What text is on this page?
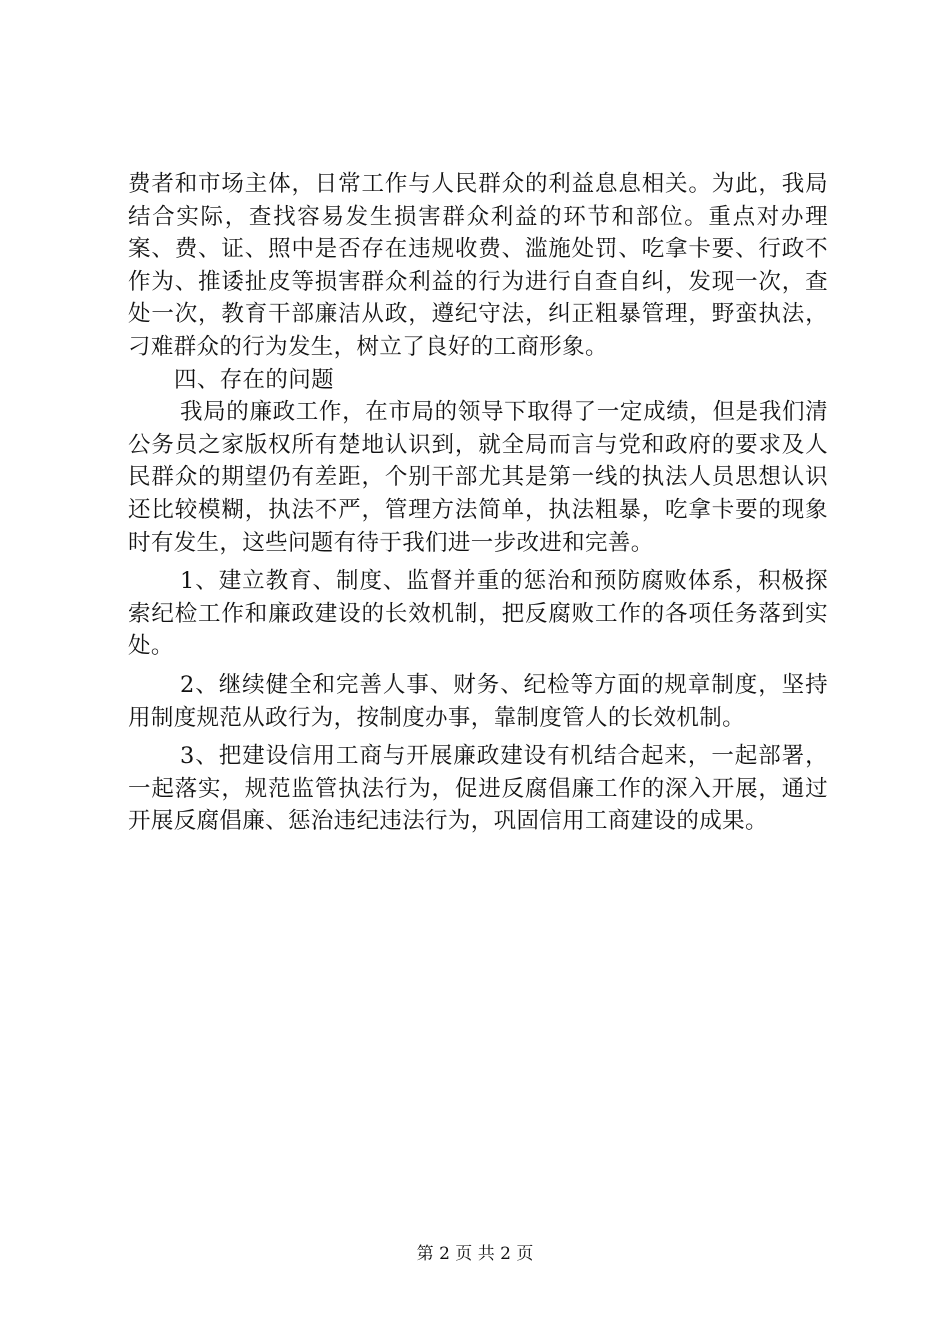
费者和市场主体，日常工作与人民群众的利益息息相关。为此，我局结合实际，查找容易发生损害群众利益的环节和部位。重点对办理案、费、证、照中是否存在违规收费、滥施处罚、吃拿卡要、行政不作为、推诿扯皮等损害群众利益的行为进行自查自纠，发现一次，查处一次，教育干部廉洁从政，遵纪守法，纠正粗暴管理，野蛮执法，刁难群众的行为发生，树立了良好的工商形象。

四、存在的问题

我局的廉政工作，在市局的领导下取得了一定成绩，但是我们清公务员之家版权所有楚地认识到，就全局而言与党和政府的要求及人民群众的期望仍有差距，个别干部尤其是第一线的执法人员思想认识还比较模糊，执法不严，管理方法简单，执法粗暴，吃拿卡要的现象时有发生，这些问题有待于我们进一步改进和完善。

1、建立教育、制度、监督并重的惩治和预防腐败体系，积极探索纪检工作和廉政建设的长效机制，把反腐败工作的各项任务落到实处。

2、继续健全和完善人事、财务、纪检等方面的规章制度，坚持用制度规范从政行为，按制度办事，靠制度管人的长效机制。

3、把建设信用工商与开展廉政建设有机结合起来，一起部署，一起落实，规范监管执法行为，促进反腐倡廉工作的深入开展，通过开展反腐倡廉、惩治违纪违法行为，巩固信用工商建设的成果。

第 2 页 共 2 页
